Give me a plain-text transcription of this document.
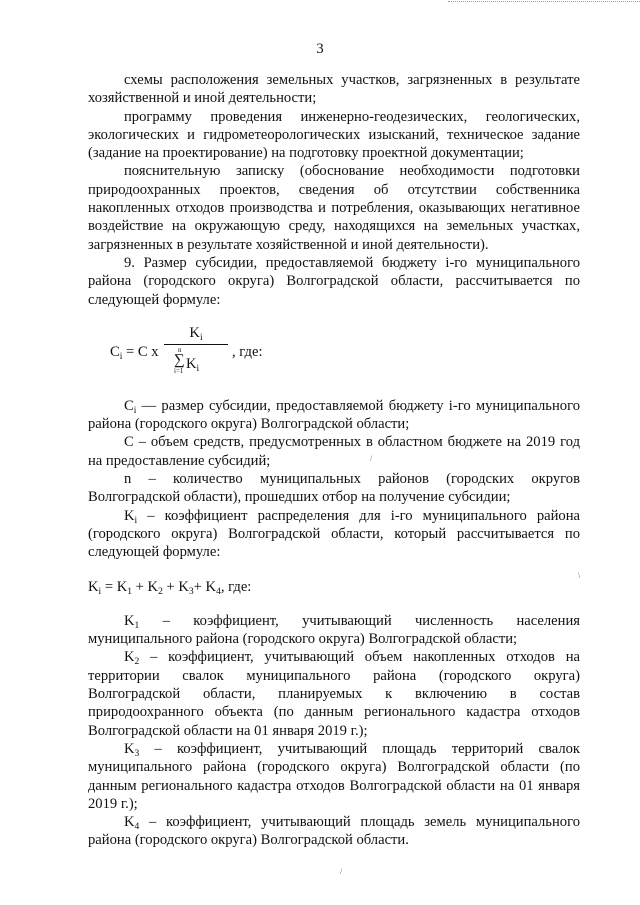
3

схемы расположения земельных участков, загрязненных в результате хозяйственной и иной деятельности;

программу проведения инженерно-геодезических, геологических, экологических и гидрометеорологических изысканий, техническое задание (задание на проектирование) на подготовку проектной документации;

пояснительную записку (обоснование необходимости подготовки природоохранных проектов, сведения об отсутствии собственника накопленных отходов производства и потребления, оказывающих негативное воздействие на окружающую среду, находящихся на земельных участках, загрязненных в результате хозяйственной и иной деятельности).

9. Размер субсидии, предоставляемой бюджету i-го муниципального района (городского округа) Волгоградской области, рассчитывается по следующей формуле:

$C_i = C$ x
$K_i$
n
∑
i=1 $K_i$
, где:

$C_i$ — размер субсидии, предоставляемой бюджету i-го муниципального района (городского округа) Волгоградской области;

C – объем средств, предусмотренных в областном бюджете на 2019 год на предоставление субсидий;

n – количество муниципальных районов (городских округов Волгоградской области), прошедших отбор на получение субсидии;

$K_i$ – коэффициент распределения для i-го муниципального района (городского округа) Волгоградской области, который рассчитывается по следующей формуле:

$K_i = K_1 + K_2 + K_3+ K_4$, где:

$K_1$ – коэффициент, учитывающий численность населения

муниципального района (городского округа) Волгоградской области;

$K_2$ – коэффициент, учитывающий объем накопленных отходов на территории свалок муниципального района (городского округа) Волгоградской области, планируемых к включению в состав природоохранного объекта (по данным регионального кадастра отходов Волгоградской области на 01 января 2019 г.);

$K_3$ – коэффициент, учитывающий площадь территорий свалок муниципального района (городского округа) Волгоградской области (по данным регионального кадастра отходов Волгоградской области на 01 января 2019 г.);

$K_4$ – коэффициент, учитывающий площадь земель муниципального района (городского округа) Волгоградской области.

/
\
/
